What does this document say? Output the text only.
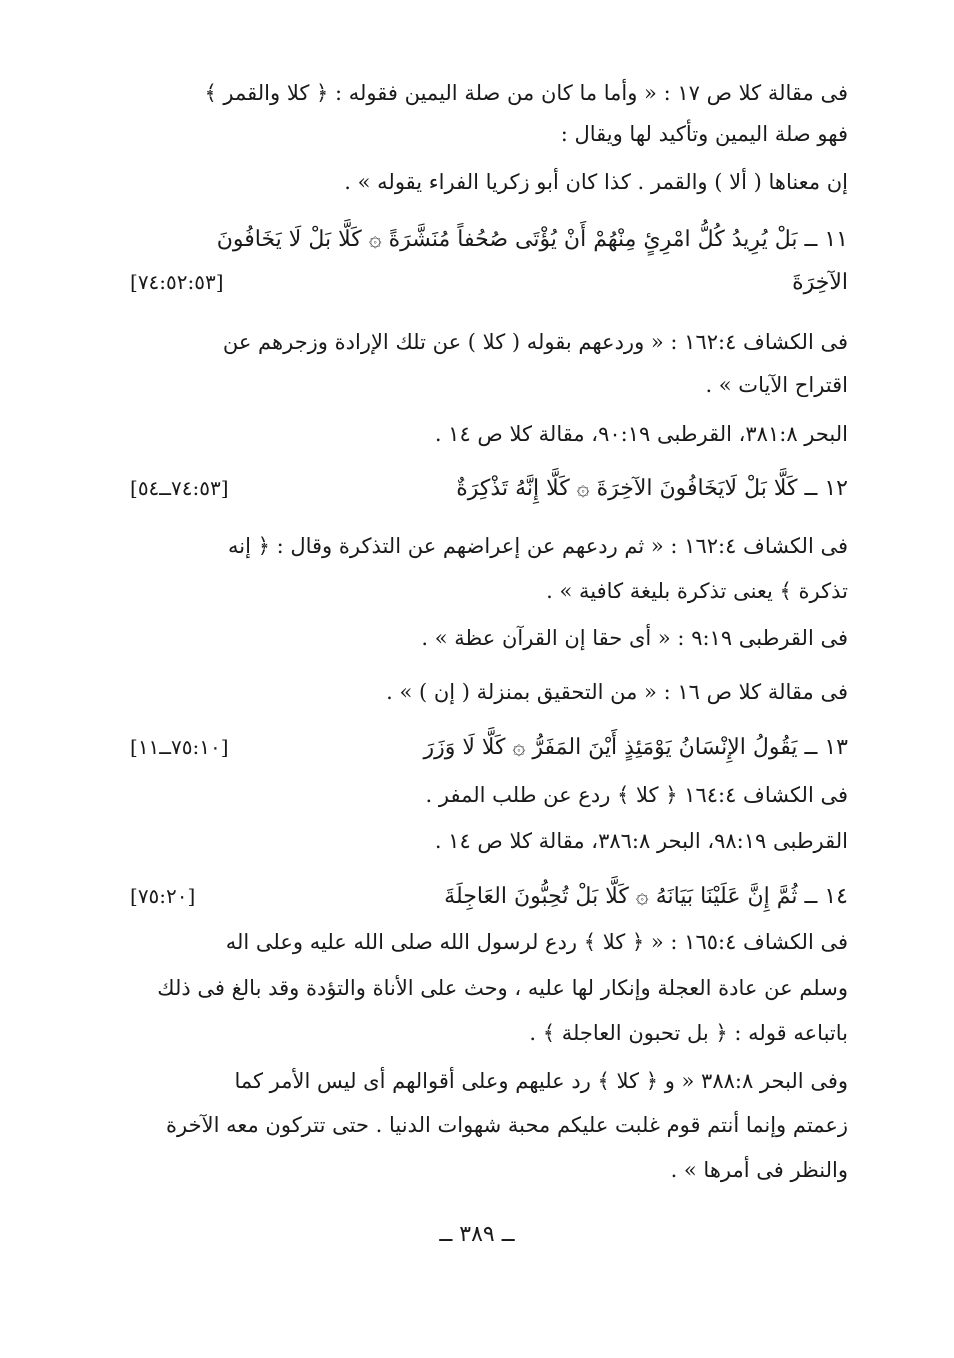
فى مقالة كلا ص ١٧ : « وأما ما كان من صلة اليمين فقوله : ﴿ كلا والقمر ﴾
فهو صلة اليمين وتأكيد لها ويقال :
إن معناها ( ألا ) والقمر . كذا كان أبو زكريا الفراء يقوله » .
١١ ــ بَلْ يُرِيدُ كُلُّ امْرِئٍ مِنْهُمْ أَنْ يُؤْتَى صُحُفاً مُنَشَّرَةً ۞ كَلَّا بَلْ لَا يَخَافُونَ
الآخِرَةَ
[٧٤:٥٢:٥٣]
فى الكشاف ١٦٢:٤ : « وردعهم بقوله ( كلا ) عن تلك الإرادة وزجرهم عن
اقتراح الآيات » .
البحر ٣٨١:٨، القرطبى ٩٠:١٩، مقالة كلا ص ١٤ .
١٢ ــ كَلَّا بَلْ لَايَخَافُونَ الآخِرَةَ ۞ كَلَّا إِنَّهُ تَذْكِرَةٌ
[٧٤:٥٣ــ٥٤]
فى الكشاف ١٦٢:٤ : « ثم ردعهم عن إعراضهم عن التذكرة وقال : ﴿ إنه
تذكرة ﴾ يعنى تذكرة بليغة كافية » .
فى القرطبى ٩:١٩ : « أى حقا إن القرآن عظة » .
فى مقالة كلا ص ١٦ : « من التحقيق بمنزلة ( إن ) » .
١٣ ــ يَقُولُ الإِنْسَانُ يَوْمَئِذٍ أَيْنَ المَفَرُّ ۞ كَلَّا لَا وَزَرَ
[٧٥:١٠ــ١١]
فى الكشاف ١٦٤:٤ ﴿ كلا ﴾ ردع عن طلب المفر .
القرطبى ٩٨:١٩، البحر ٣٨٦:٨، مقالة كلا ص ١٤ .
١٤ ــ ثُمَّ إِنَّ عَلَيْنَا بَيَانَهُ ۞ كَلَّا بَلْ تُحِبُّونَ العَاجِلَةَ
[٧٥:٢٠]
فى الكشاف ١٦٥:٤ : « ﴿ كلا ﴾ ردع لرسول الله صلى الله عليه وعلى اله
وسلم عن عادة العجلة وإنكار لها عليه ، وحث على الأناة والتؤدة وقد بالغ فى ذلك
باتباعه قوله : ﴿ بل تحبون العاجلة ﴾ .
وفى البحر ٣٨٨:٨ « و ﴿ كلا ﴾ رد عليهم وعلى أقوالهم أى ليس الأمر كما
زعمتم وإنما أنتم قوم غلبت عليكم محبة شهوات الدنيا . حتى تتركون معه الآخرة
والنظر فى أمرها » .
ــ ٣٨٩ ــ
